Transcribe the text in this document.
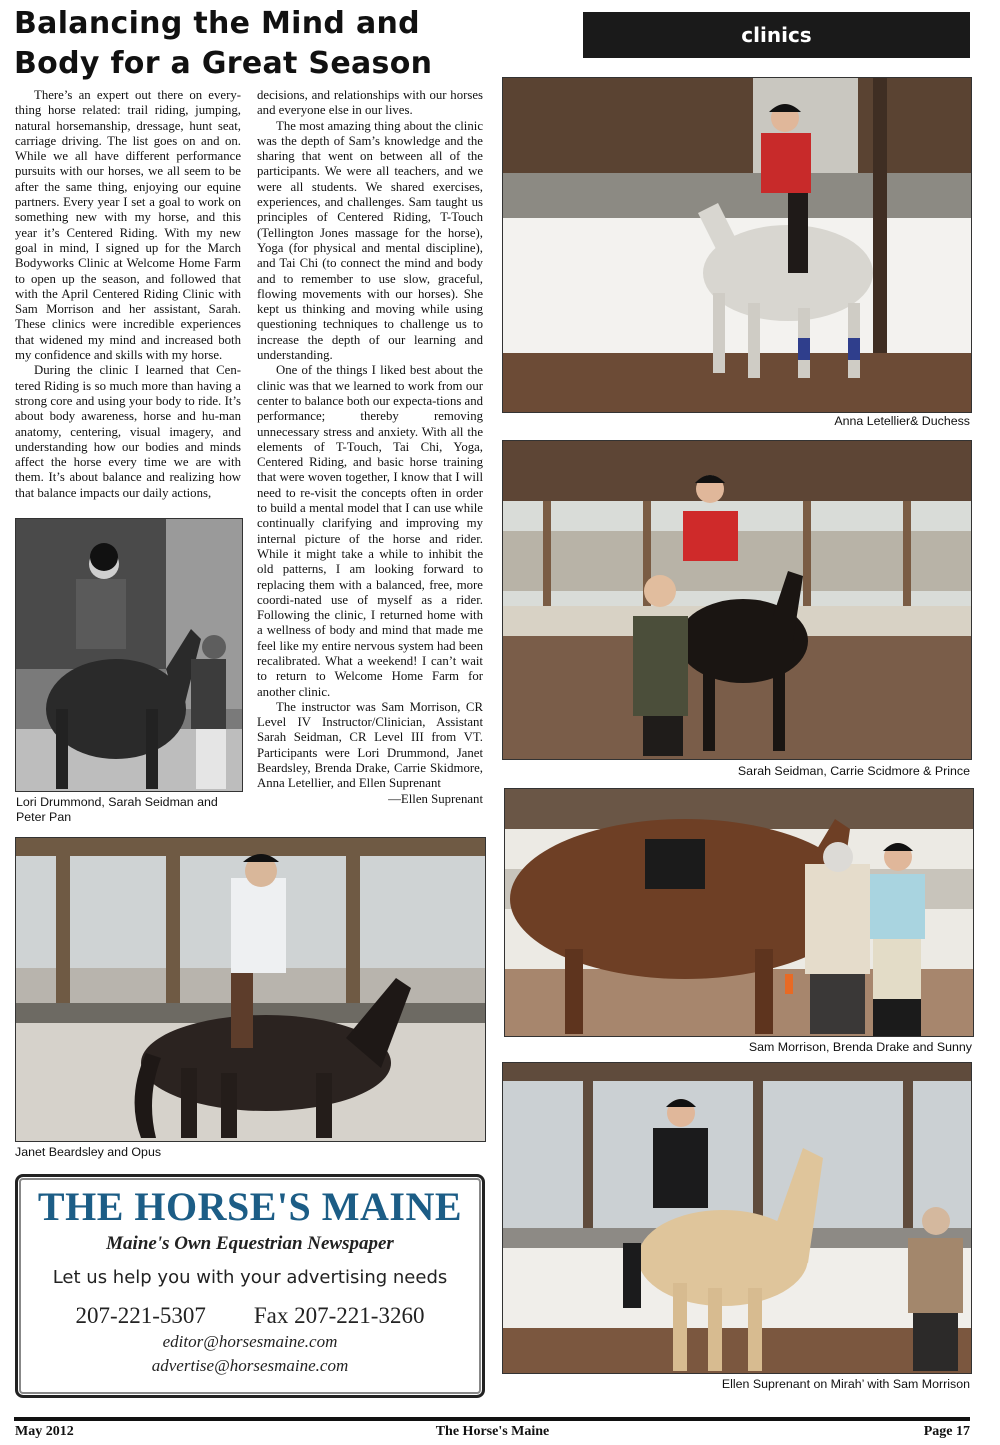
Balancing the Mind and Body for a Great Season
clinics

There’s an expert out there on every-thing horse related: trail riding, jumping, natural horsemanship, dressage, hunt seat, carriage driving. The list goes on and on. While we all have different performance pursuits with our horses, we all seem to be after the same thing, enjoying our equine partners. Every year I set a goal to work on something new with my horse, and this year it’s Centered Riding. With my new goal in mind, I signed up for the March Bodyworks Clinic at Welcome Home Farm to open up the season, and followed that with the April Centered Riding Clinic with Sam Morrison and her assistant, Sarah. These clinics were incredible experiences that widened my mind and increased both my confidence and skills with my horse.

During the clinic I learned that Cen-tered Riding is so much more than having a strong core and using your body to ride. It’s about body awareness, horse and hu-man anatomy, centering, visual imagery, and understanding how our bodies and minds affect the horse every time we are with them. It’s about balance and realizing how that balance impacts our daily actions,

decisions, and relationships with our horses and everyone else in our lives.

The most amazing thing about the clinic was the depth of Sam’s knowledge and the sharing that went on between all of the participants. We were all teachers, and we were all students. We shared exercises, experiences, and challenges. Sam taught us principles of Centered Riding, T-Touch (Tellington Jones massage for the horse), Yoga (for physical and mental discipline), and Tai Chi (to connect the mind and body and to remember to use slow, graceful, flowing movements with our horses). She kept us thinking and moving while using questioning techniques to challenge us to increase the depth of our learning and understanding.

One of the things I liked best about the clinic was that we learned to work from our center to balance both our expecta-tions and performance; thereby removing unnecessary stress and anxiety. With all the elements of T-Touch, Tai Chi, Yoga, Centered Riding, and basic horse training that were woven together, I know that I will need to re-visit the concepts often in order to build a mental model that I can use while continually clarifying and improving my internal picture of the horse and rider. While it might take a while to inhibit the old patterns, I am looking forward to replacing them with a balanced, free, more coordi-nated use of myself as a rider. Following the clinic, I returned home with a wellness of body and mind that made me feel like my entire nervous system had been recalibrated. What a weekend! I can’t wait to return to Welcome Home Farm for another clinic.

The instructor was Sam Morrison, CR Level IV Instructor/Clinician, Assistant Sarah Seidman, CR Level III from VT. Participants were Lori Drummond, Janet Beardsley, Brenda Drake, Carrie Skidmore, Anna Letellier, and Ellen Suprenant

—Ellen Suprenant
Lori Drummond, Sarah Seidman and Peter Pan
Janet Beardsley and Opus
Anna Letellier& Duchess
Sarah Seidman, Carrie Scidmore & Prince
Sam Morrison, Brenda Drake and Sunny
Ellen Suprenant on Mirah’ with Sam Morrison
THE HORSE'S MAINE
Maine's Own Equestrian Newspaper
Let us help you with your advertising needs
207-221-5307 Fax 207-221-3260
editor@horsesmaine.com
advertise@horsesmaine.com
May 2012	The Horse's Maine	Page 17
